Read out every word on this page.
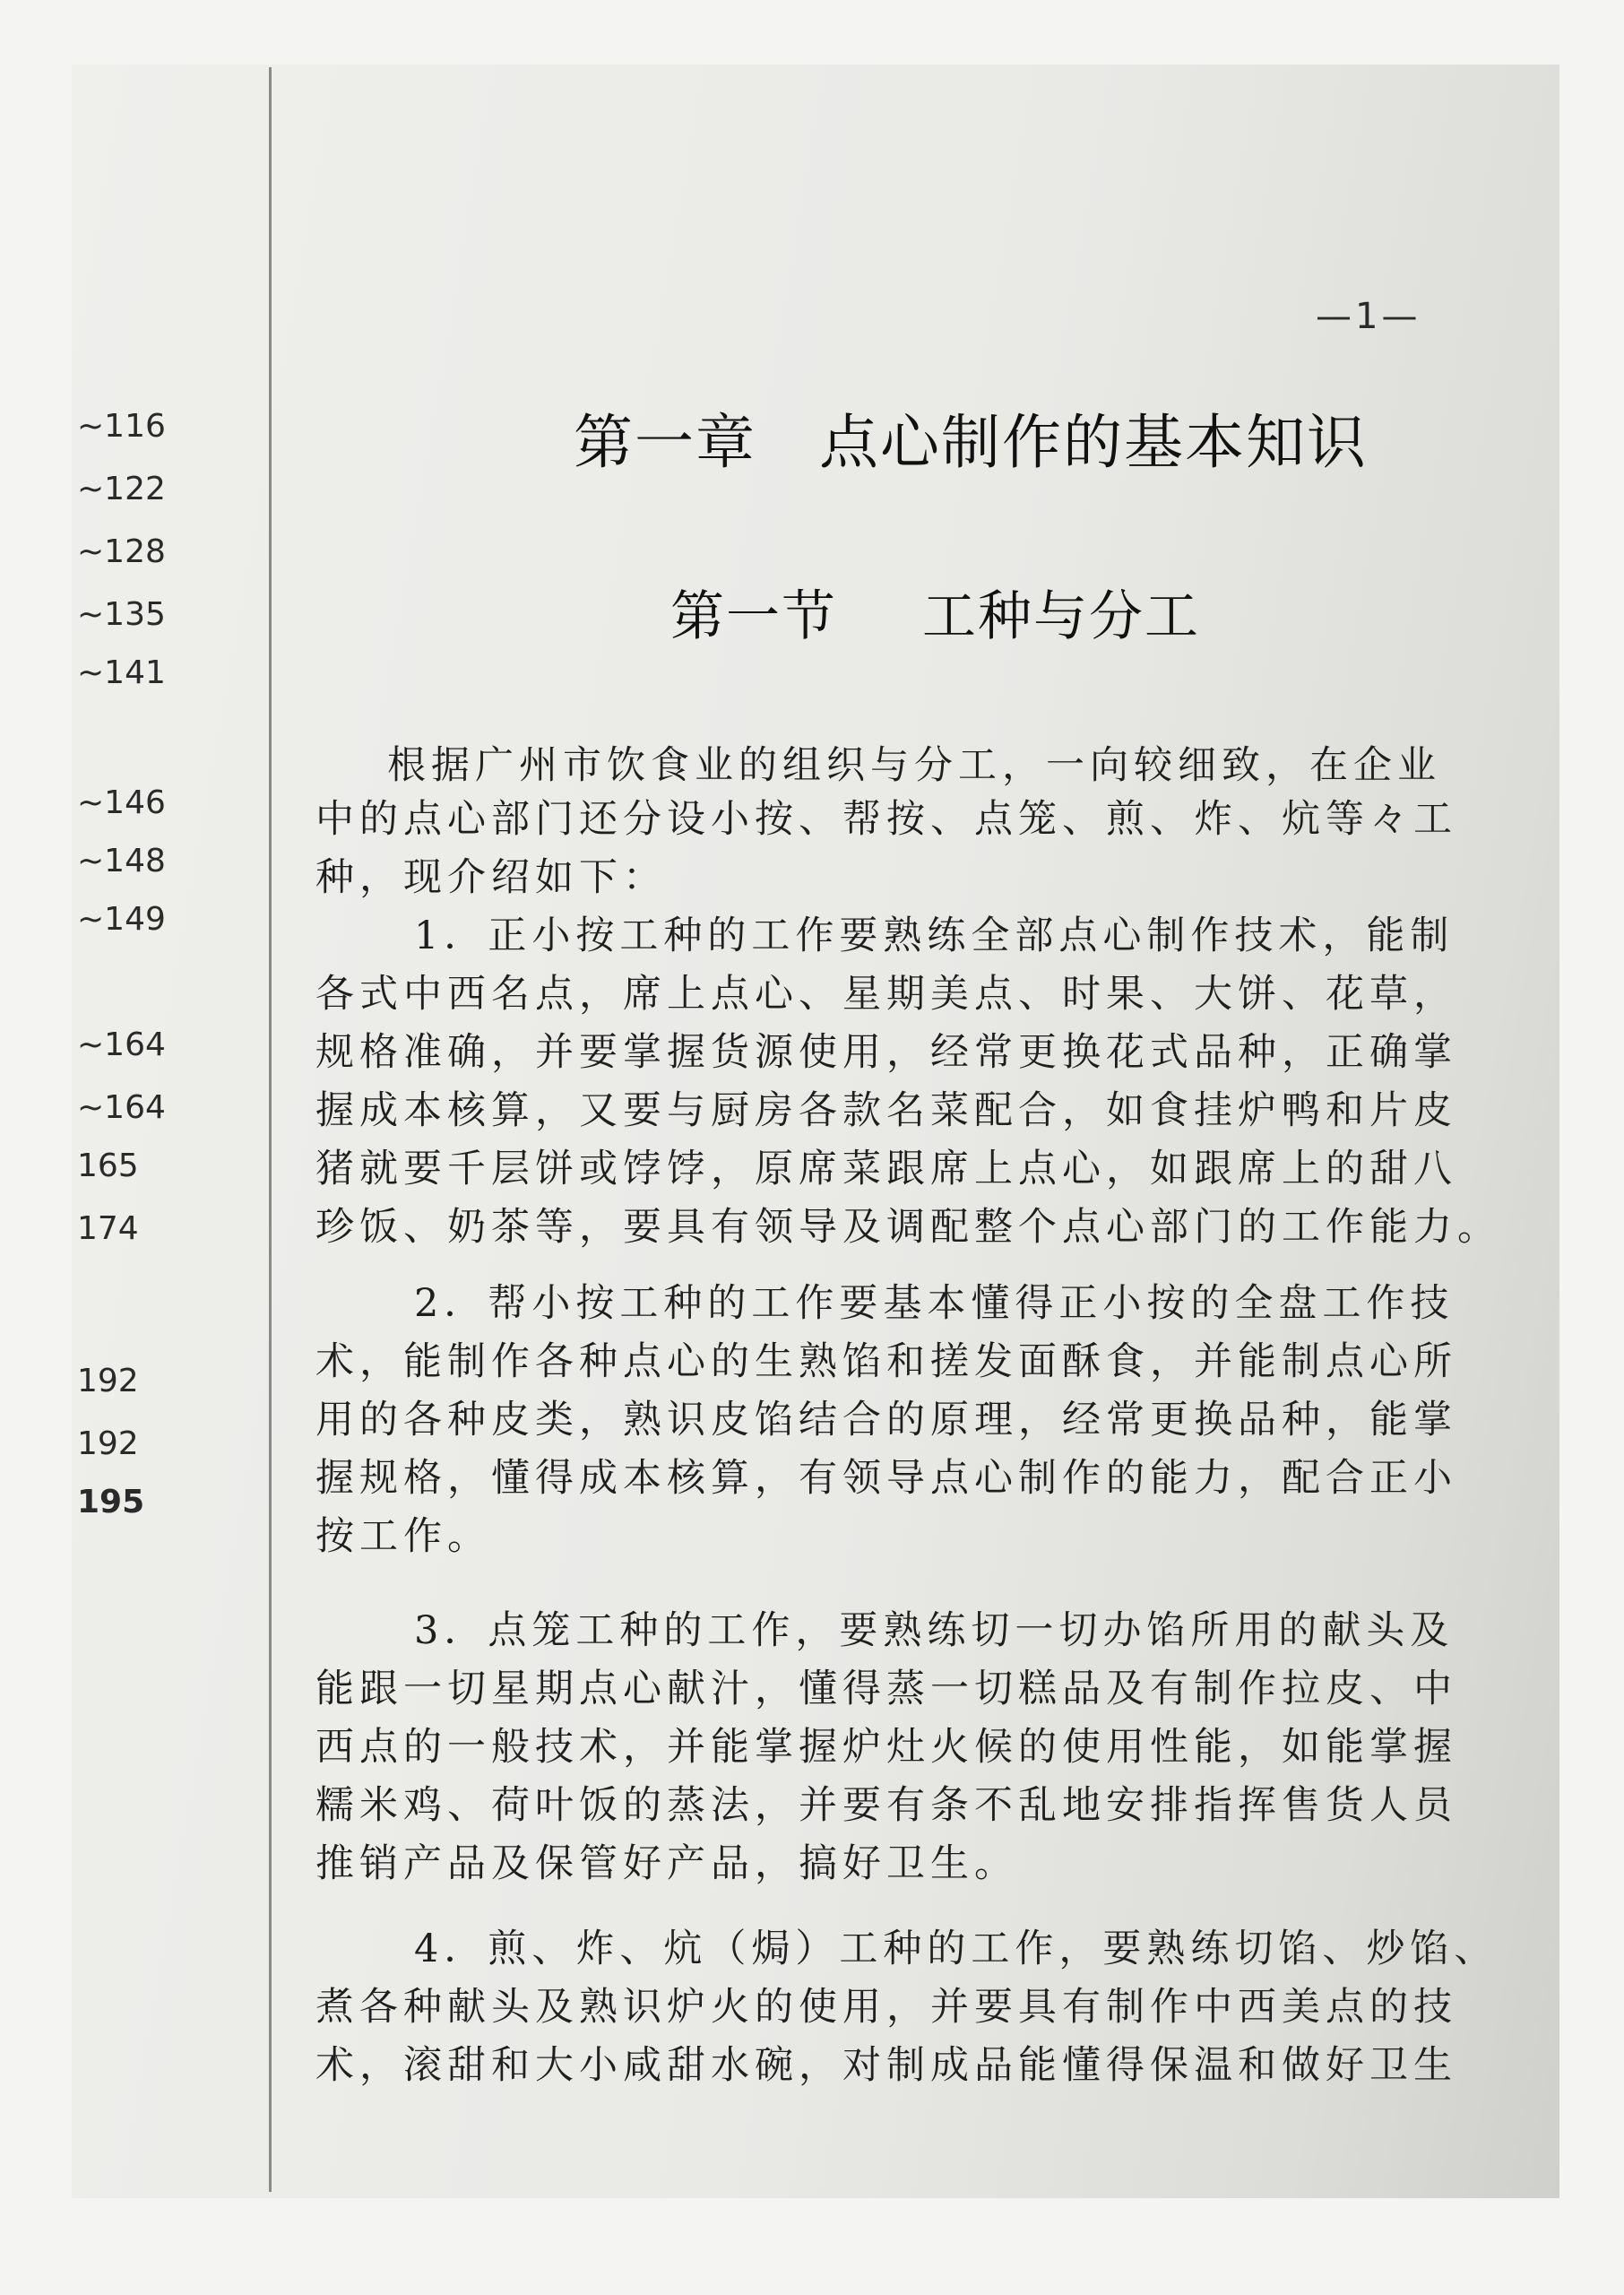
—1—
~116
~122
~128
~135
~141
~146
~148
~149
~164
~164
165
174
192
192
195
第一章 点心制作的基本知识
第一节 工种与分工
根据广州市饮食业的组织与分工，一向较细致，在企业
中的点心部门还分设小按、帮按、点笼、煎、炸、炕等々工
种，现介绍如下：
1．正小按工种的工作要熟练全部点心制作技术，能制
各式中西名点，席上点心、星期美点、时果、大饼、花草，
规格准确，并要掌握货源使用，经常更换花式品种，正确掌
握成本核算，又要与厨房各款名菜配合，如食挂炉鸭和片皮
猪就要千层饼或饽饽，原席菜跟席上点心，如跟席上的甜八
珍饭、奶茶等，要具有领导及调配整个点心部门的工作能力。
2．帮小按工种的工作要基本懂得正小按的全盘工作技
术，能制作各种点心的生熟馅和搓发面酥食，并能制点心所
用的各种皮类，熟识皮馅结合的原理，经常更换品种，能掌
握规格，懂得成本核算，有领导点心制作的能力，配合正小
按工作。
3．点笼工种的工作，要熟练切一切办馅所用的献头及
能跟一切星期点心献汁，懂得蒸一切糕品及有制作拉皮、中
西点的一般技术，并能掌握炉灶火候的使用性能，如能掌握
糯米鸡、荷叶饭的蒸法，并要有条不乱地安排指挥售货人员
推销产品及保管好产品，搞好卫生。
4．煎、炸、炕（焗）工种的工作，要熟练切馅、炒馅、
煮各种献头及熟识炉火的使用，并要具有制作中西美点的技
术，滚甜和大小咸甜水碗，对制成品能懂得保温和做好卫生
